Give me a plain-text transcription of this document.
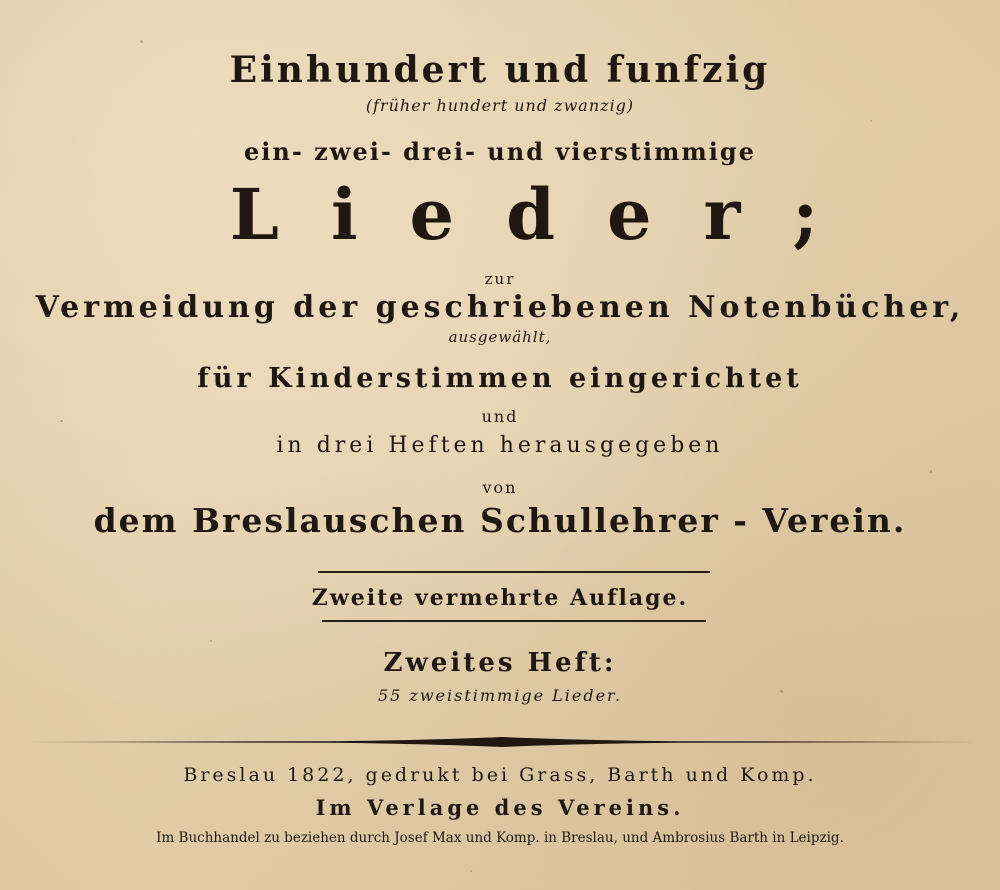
Einhundert und funfzig
(früher hundert und zwanzig)
ein- zwei- drei- und vierstimmige
Lieder;
zur
Vermeidung der geschriebenen Notenbücher,
ausgewählt,
für Kinderstimmen eingerichtet
und
in drei Heften herausgegeben
von
dem Breslauschen Schullehrer - Verein.
Zweite vermehrte Auflage.
Zweites Heft:
55 zweistimmige Lieder.
Breslau 1822, gedrukt bei Grass, Barth und Komp.
Im Verlage des Vereins.
Im Buchhandel zu beziehen durch Josef Max und Komp. in Breslau, und Ambrosius Barth in Leipzig.
